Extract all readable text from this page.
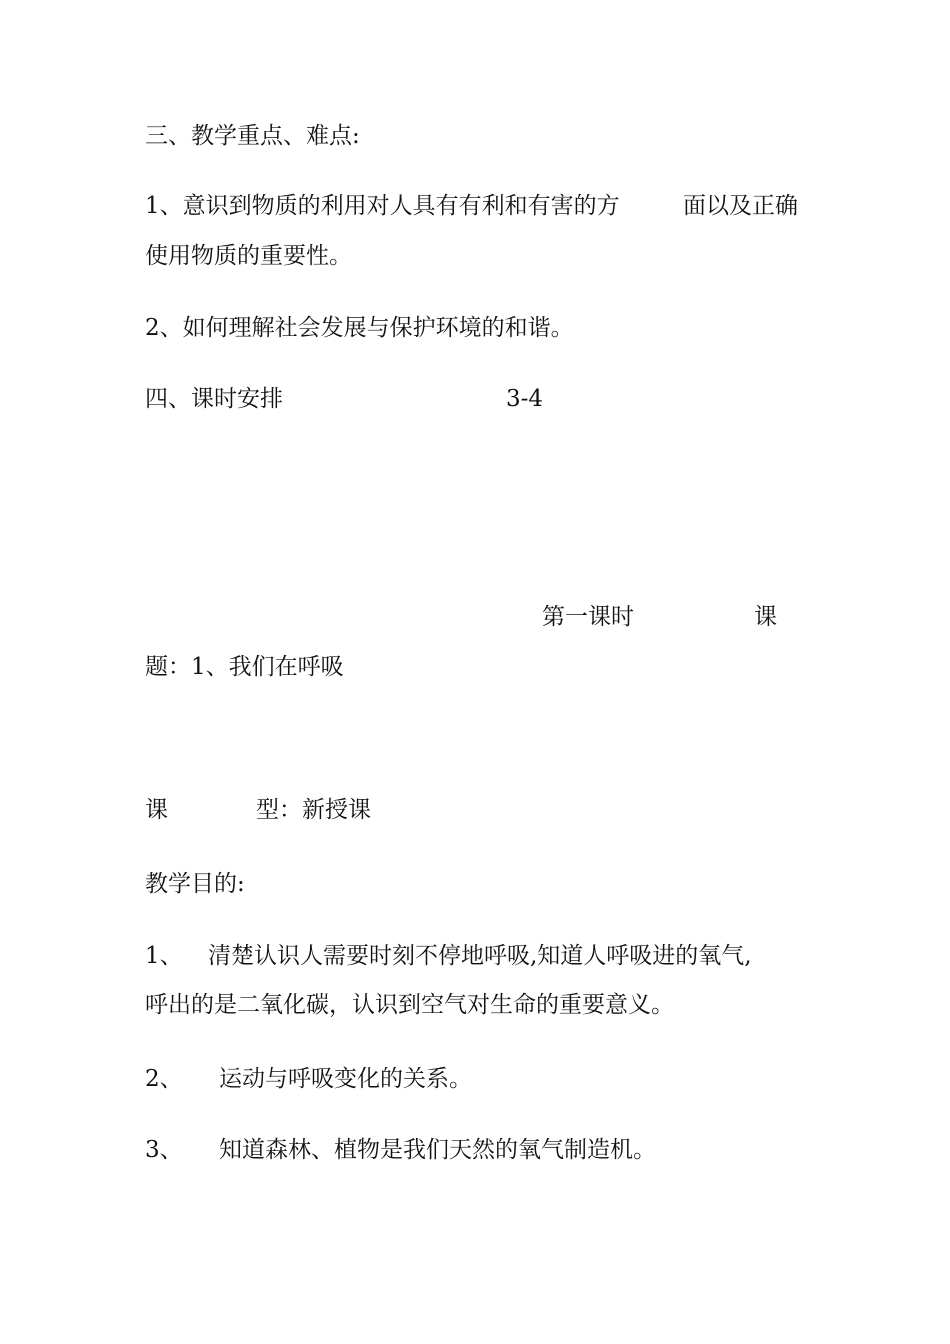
三、教学重点、难点:
1、意识到物质的利用对人具有有利和有害的方	面以及正确
使用物质的重要性。
2、如何理解社会发展与保护环境的和谐。
四、课时安排	3-4
第一课时	课
题：1、我们在呼吸
课	型：新授课
教学目的:
1、 清楚认识人需要时刻不停地呼吸,知道人呼吸进的氧气,
呼出的是二氧化碳，认识到空气对生命的重要意义。
2、 运动与呼吸变化的关系。
3、 知道森林、植物是我们天然的氧气制造机。
